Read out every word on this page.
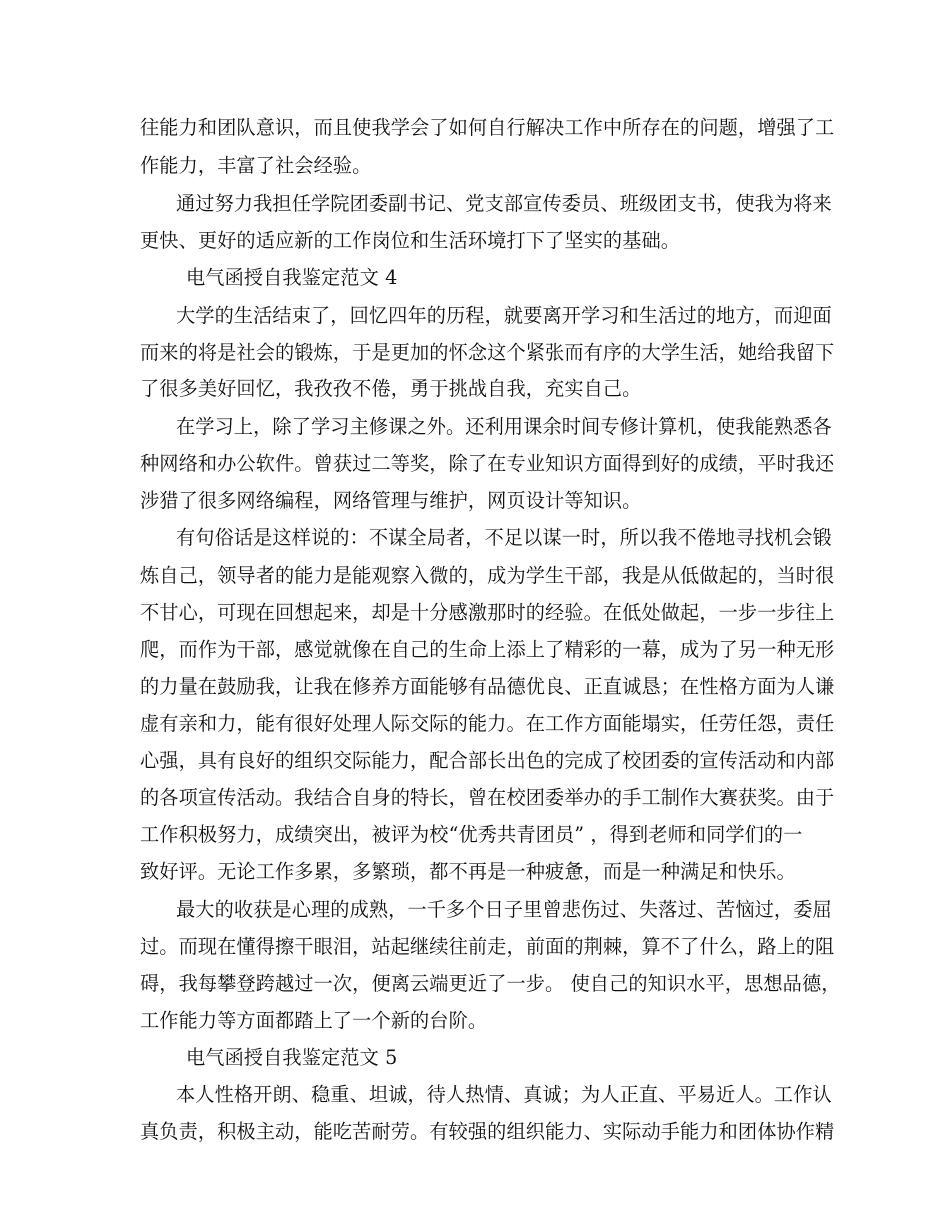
往能力和团队意识，而且使我学会了如何自行解决工作中所存在的问题，增强了工
作能力，丰富了社会经验。
通过努力我担任学院团委副书记、党支部宣传委员、班级团支书，使我为将来
更快、更好的适应新的工作岗位和生活环境打下了坚实的基础。
电气函授自我鉴定范文 4
大学的生活结束了，回忆四年的历程，就要离开学习和生活过的地方，而迎面
而来的将是社会的锻炼，于是更加的怀念这个紧张而有序的大学生活，她给我留下
了很多美好回忆，我孜孜不倦，勇于挑战自我，充实自己。
在学习上，除了学习主修课之外。还利用课余时间专修计算机，使我能熟悉各
种网络和办公软件。曾获过二等奖，除了在专业知识方面得到好的成绩，平时我还
涉猎了很多网络编程，网络管理与维护，网页设计等知识。
有句俗话是这样说的：不谋全局者，不足以谋一时，所以我不倦地寻找机会锻
炼自己，领导者的能力是能观察入微的，成为学生干部，我是从低做起的，当时很
不甘心，可现在回想起来，却是十分感激那时的经验。在低处做起，一步一步往上
爬，而作为干部，感觉就像在自己的生命上添上了精彩的一幕，成为了另一种无形
的力量在鼓励我，让我在修养方面能够有品德优良、正直诚恳；在性格方面为人谦
虚有亲和力，能有很好处理人际交际的能力。在工作方面能塌实，任劳任怨，责任
心强，具有良好的组织交际能力，配合部长出色的完成了校团委的宣传活动和内部
的各项宣传活动。我结合自身的特长，曾在校团委举办的手工制作大赛获奖。由于
工作积极努力，成绩突出，被评为校“优秀共青团员” ，得到老师和同学们的一
致好评。无论工作多累，多繁琐，都不再是一种疲惫，而是一种满足和快乐。
最大的收获是心理的成熟，一千多个日子里曾悲伤过、失落过、苦恼过，委屈
过。而现在懂得擦干眼泪，站起继续往前走，前面的荆棘，算不了什么，路上的阻
碍，我每攀登跨越过一次，便离云端更近了一步。 使自己的知识水平，思想品德，
工作能力等方面都踏上了一个新的台阶。
电气函授自我鉴定范文 5
本人性格开朗、稳重、坦诚，待人热情、真诚；为人正直、平易近人。工作认
真负责，积极主动，能吃苦耐劳。有较强的组织能力、实际动手能力和团体协作精
